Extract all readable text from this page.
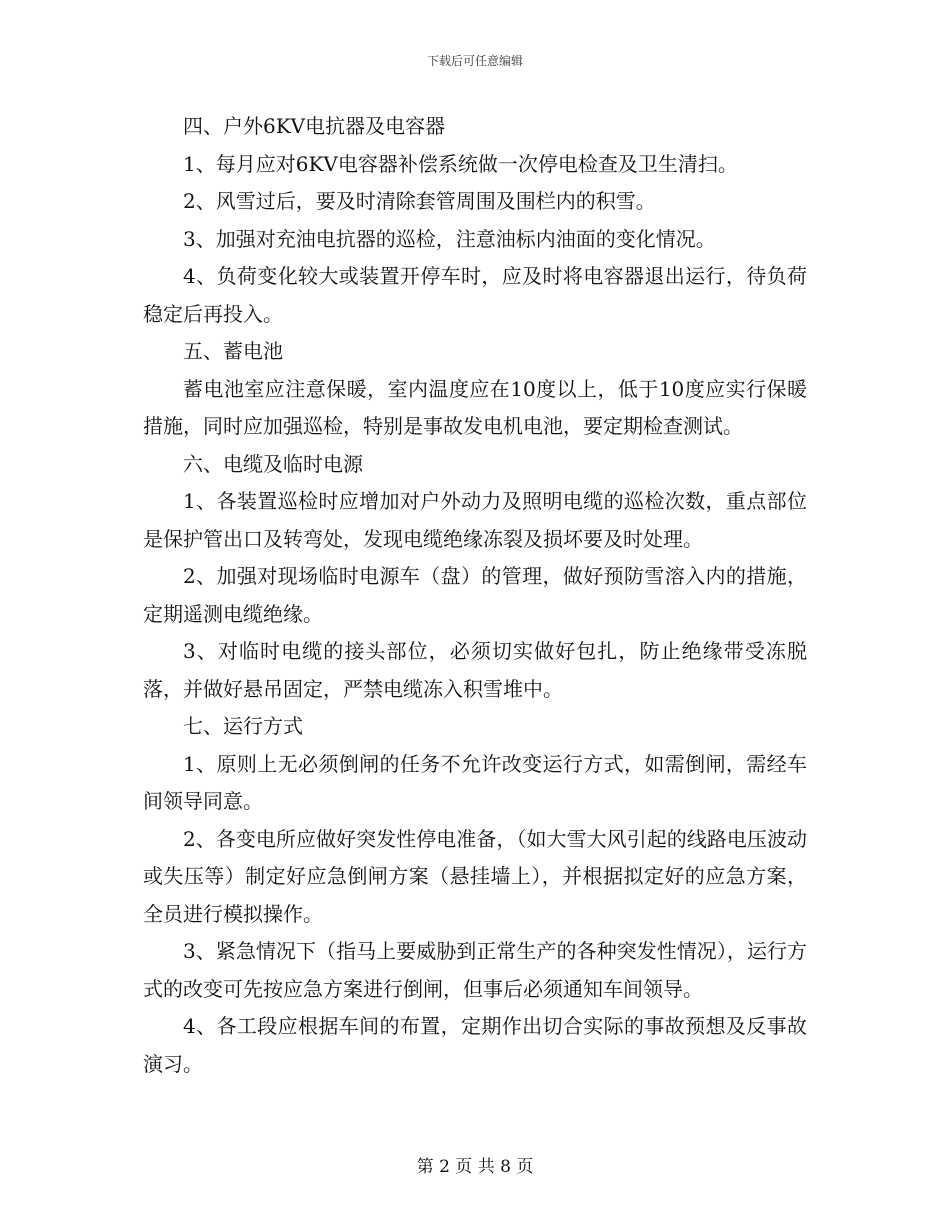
下载后可任意编辑

四、户外6KV电抗器及电容器

1、每月应对6KV电容器补偿系统做一次停电检查及卫生清扫。

2、风雪过后，要及时清除套管周围及围栏内的积雪。

3、加强对充油电抗器的巡检，注意油标内油面的变化情况。

4、负荷变化较大或装置开停车时，应及时将电容器退出运行，待负荷稳定后再投入。

五、蓄电池

蓄电池室应注意保暖，室内温度应在10度以上，低于10度应实行保暖措施，同时应加强巡检，特别是事故发电机电池，要定期检查测试。

六、电缆及临时电源

1、各装置巡检时应增加对户外动力及照明电缆的巡检次数，重点部位是保护管出口及转弯处，发现电缆绝缘冻裂及损坏要及时处理。

2、加强对现场临时电源车（盘）的管理，做好预防雪溶入内的措施，定期遥测电缆绝缘。

3、对临时电缆的接头部位，必须切实做好包扎，防止绝缘带受冻脱落，并做好悬吊固定，严禁电缆冻入积雪堆中。

七、运行方式

1、原则上无必须倒闸的任务不允许改变运行方式，如需倒闸，需经车间领导同意。

2、各变电所应做好突发性停电准备，（如大雪大风引起的线路电压波动或失压等）制定好应急倒闸方案（悬挂墙上），并根据拟定好的应急方案，全员进行模拟操作。

3、紧急情况下（指马上要威胁到正常生产的各种突发性情况），运行方式的改变可先按应急方案进行倒闸，但事后必须通知车间领导。

4、各工段应根据车间的布置，定期作出切合实际的事故预想及反事故演习。

第 2 页 共 8 页
